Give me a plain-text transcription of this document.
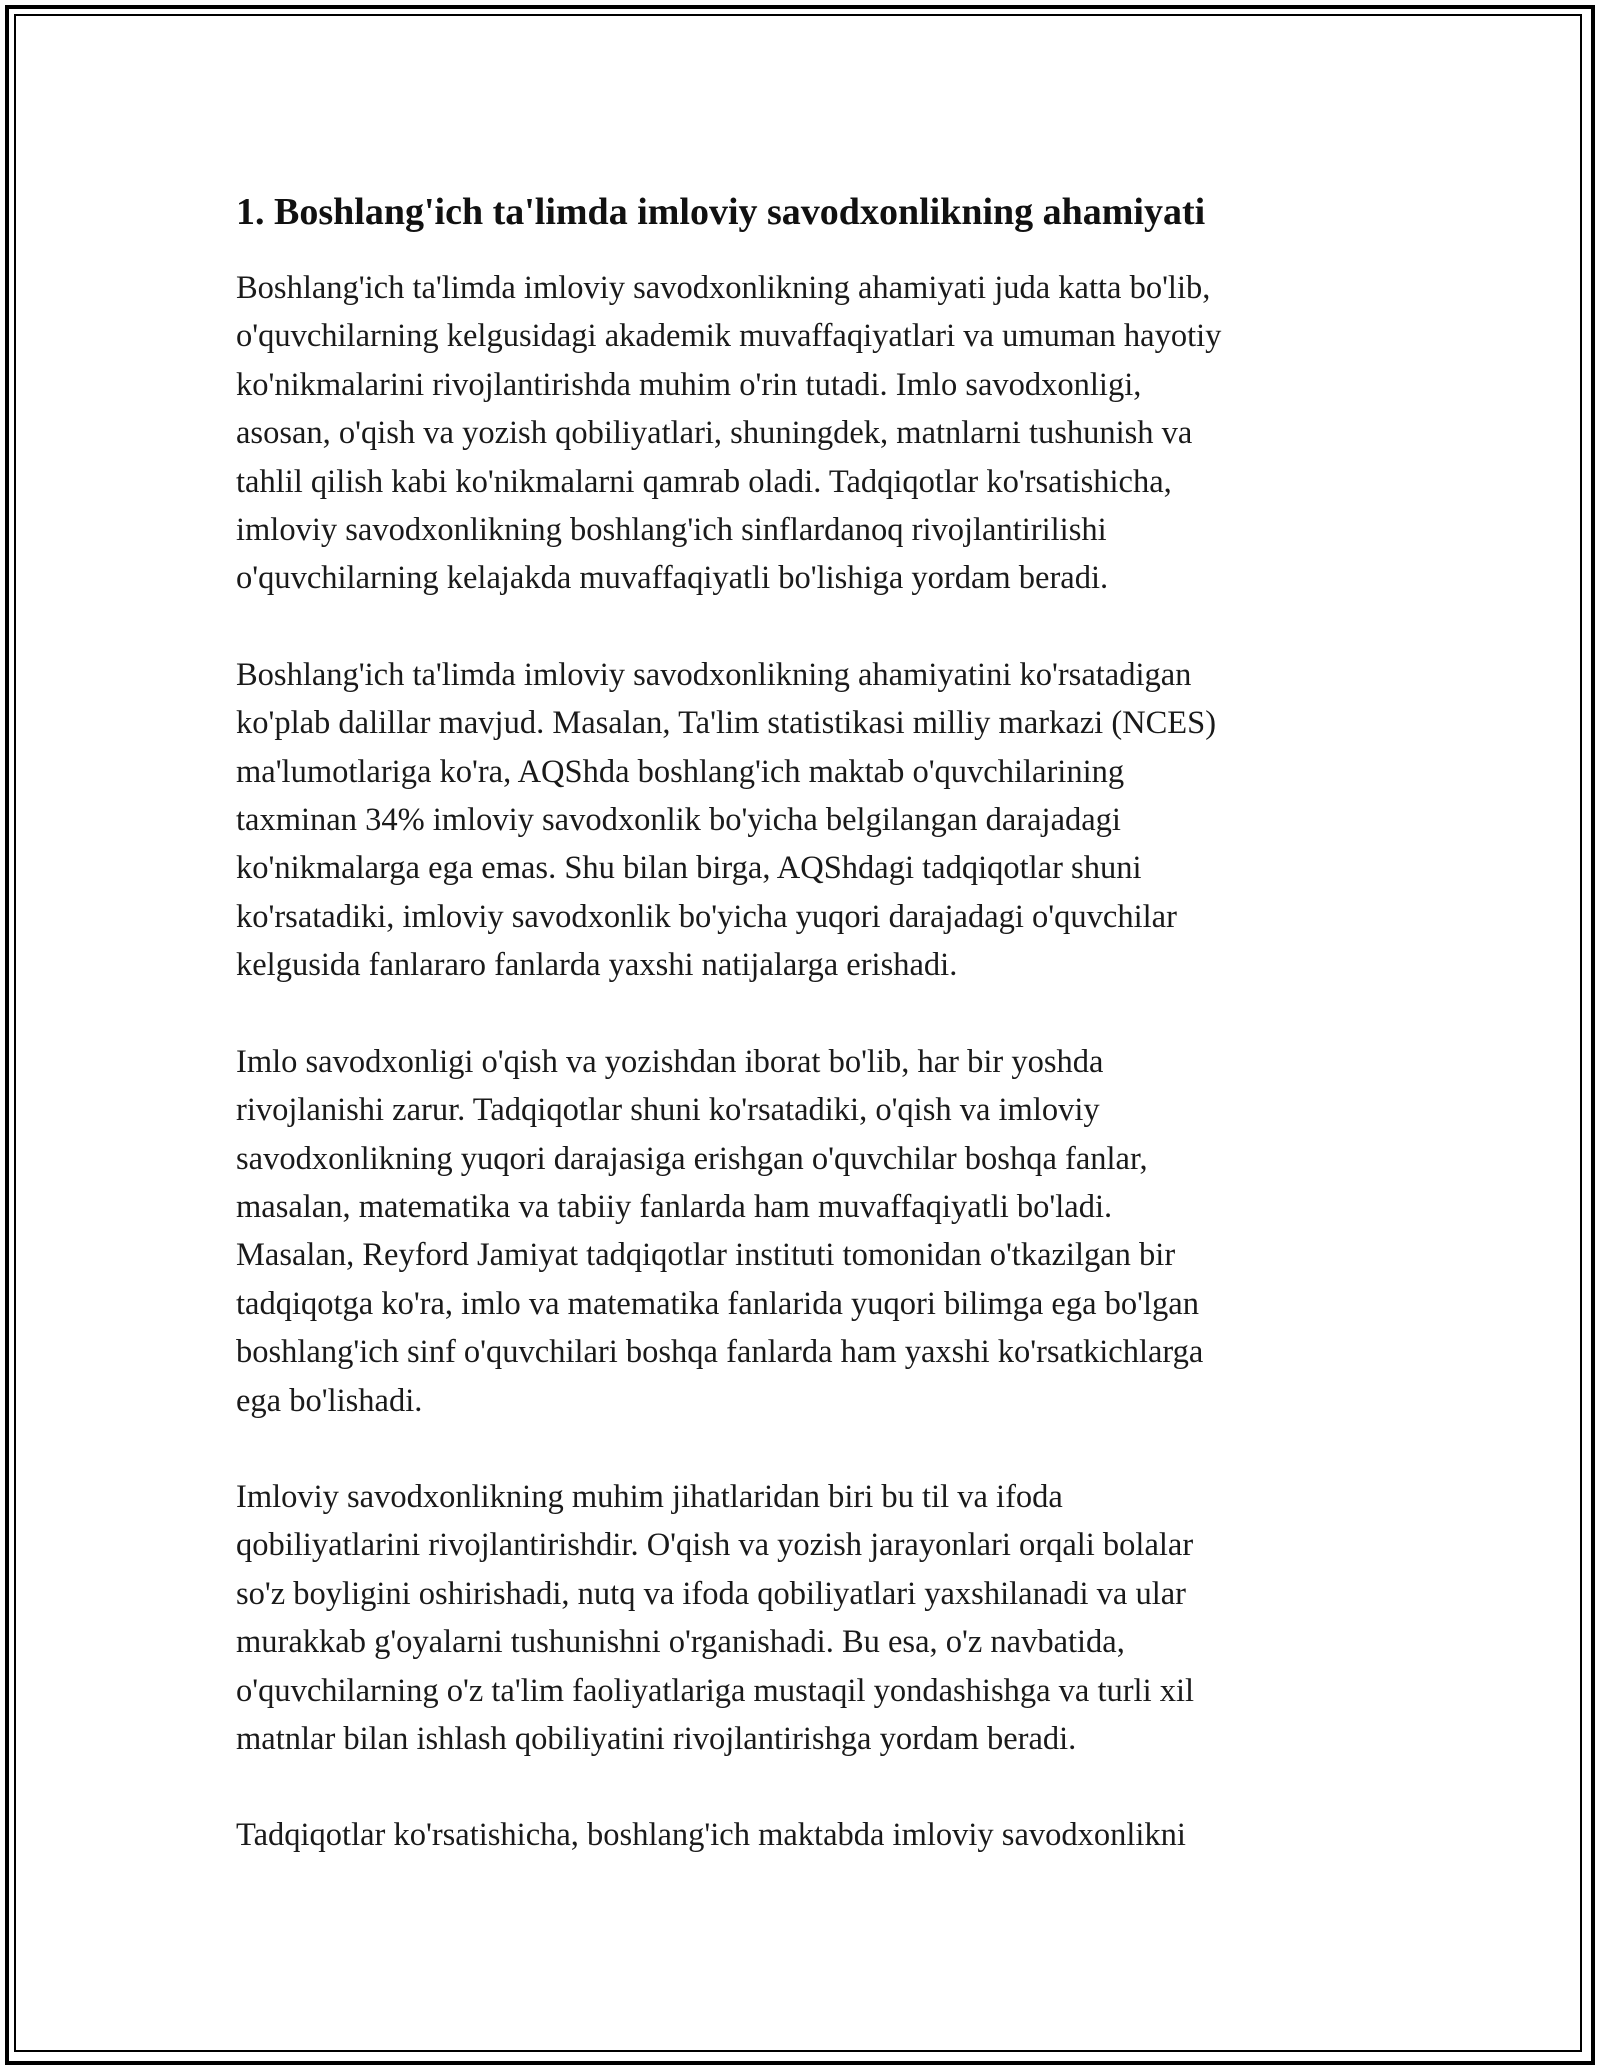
1. Boshlang'ich ta'limda imloviy savodxonlikning ahamiyati

Boshlang'ich ta'limda imloviy savodxonlikning ahamiyati juda katta bo'lib,
o'quvchilarning kelgusidagi akademik muvaffaqiyatlari va umuman hayotiy
ko'nikmalarini rivojlantirishda muhim o'rin tutadi. Imlo savodxonligi,
asosan, o'qish va yozish qobiliyatlari, shuningdek, matnlarni tushunish va
tahlil qilish kabi ko'nikmalarni qamrab oladi. Tadqiqotlar ko'rsatishicha,
imloviy savodxonlikning boshlang'ich sinflardanoq rivojlantirilishi
o'quvchilarning kelajakda muvaffaqiyatli bo'lishiga yordam beradi.

Boshlang'ich ta'limda imloviy savodxonlikning ahamiyatini ko'rsatadigan
ko'plab dalillar mavjud. Masalan, Ta'lim statistikasi milliy markazi (NCES)
ma'lumotlariga ko'ra, AQShda boshlang'ich maktab o'quvchilarining
taxminan 34% imloviy savodxonlik bo'yicha belgilangan darajadagi
ko'nikmalarga ega emas. Shu bilan birga, AQShdagi tadqiqotlar shuni
ko'rsatadiki, imloviy savodxonlik bo'yicha yuqori darajadagi o'quvchilar
kelgusida fanlararo fanlarda yaxshi natijalarga erishadi.

Imlo savodxonligi o'qish va yozishdan iborat bo'lib, har bir yoshda
rivojlanishi zarur. Tadqiqotlar shuni ko'rsatadiki, o'qish va imloviy
savodxonlikning yuqori darajasiga erishgan o'quvchilar boshqa fanlar,
masalan, matematika va tabiiy fanlarda ham muvaffaqiyatli bo'ladi.
Masalan, Reyford Jamiyat tadqiqotlar instituti tomonidan o'tkazilgan bir
tadqiqotga ko'ra, imlo va matematika fanlarida yuqori bilimga ega bo'lgan
boshlang'ich sinf o'quvchilari boshqa fanlarda ham yaxshi ko'rsatkichlarga
ega bo'lishadi.

Imloviy savodxonlikning muhim jihatlaridan biri bu til va ifoda
qobiliyatlarini rivojlantirishdir. O'qish va yozish jarayonlari orqali bolalar
so'z boyligini oshirishadi, nutq va ifoda qobiliyatlari yaxshilanadi va ular
murakkab g'oyalarni tushunishni o'rganishadi. Bu esa, o'z navbatida,
o'quvchilarning o'z ta'lim faoliyatlariga mustaqil yondashishga va turli xil
matnlar bilan ishlash qobiliyatini rivojlantirishga yordam beradi.

Tadqiqotlar ko'rsatishicha, boshlang'ich maktabda imloviy savodxonlikni
